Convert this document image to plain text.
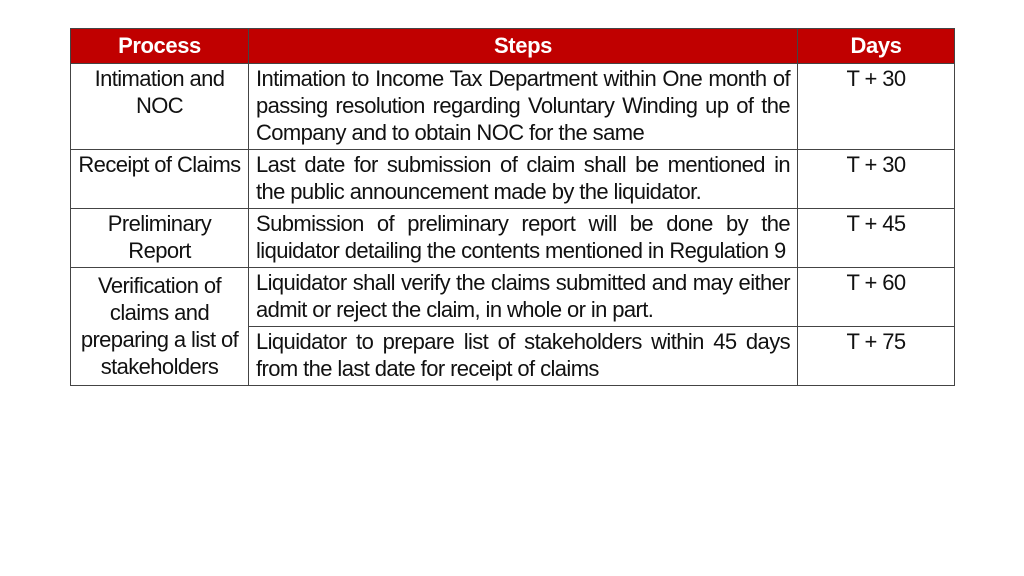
Process	Steps	Days
Intimation and NOC	Intimation to Income Tax Department within One month of passing resolution regarding Voluntary Winding up of the Company and to obtain NOC for the same	T + 30
Receipt of Claims	Last date for submission of claim shall be mentioned in the public announcement made by the liquidator.	T + 30
Preliminary Report	Submission of preliminary report will be done by the liquidator detailing the contents mentioned in Regulation 9	T + 45
Verification of claims and preparing a list of stakeholders	Liquidator shall verify the claims submitted and may either admit or reject the claim, in whole or in part.	T + 60
	Liquidator to prepare list of stakeholders within 45 days from the last date for receipt of claims	T + 75
